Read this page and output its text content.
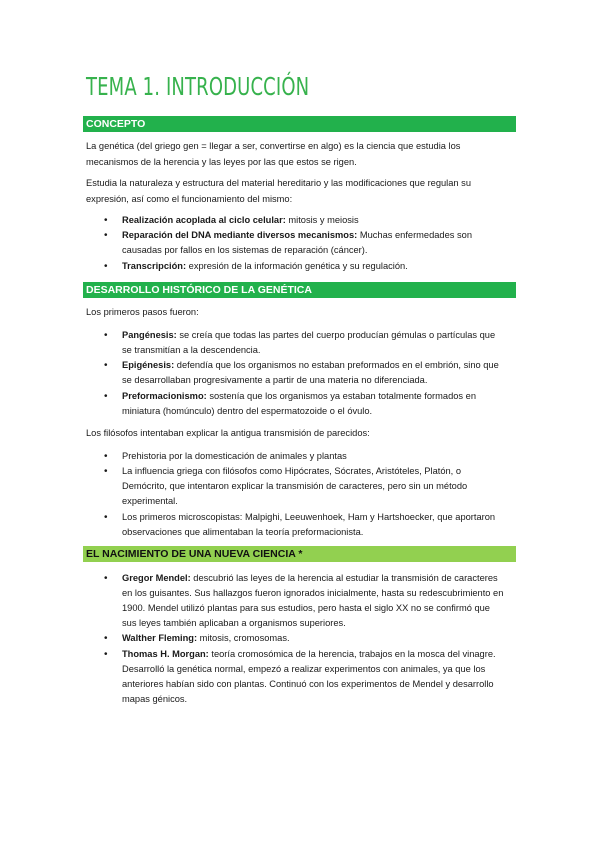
TEMA 1. INTRODUCCIÓN
CONCEPTO

La genética (del griego gen = llegar a ser, convertirse en algo) es la ciencia que estudia los mecanismos de la herencia y las leyes por las que estos se rigen.

Estudia la naturaleza y estructura del material hereditario y las modificaciones que regulan su expresión, así como el funcionamiento del mismo:

• Realización acoplada al ciclo celular: mitosis y meiosis
• Reparación del DNA mediante diversos mecanismos: Muchas enfermedades son causadas por fallos en los sistemas de reparación (cáncer).
• Transcripción: expresión de la información genética y su regulación.
DESARROLLO HISTÓRICO DE LA GENÉTICA

Los primeros pasos fueron:

• Pangénesis: se creía que todas las partes del cuerpo producían gémulas o partículas que se transmitían a la descendencia.
• Epigénesis: defendía que los organismos no estaban preformados en el embrión, sino que se desarrollaban progresivamente a partir de una materia no diferenciada.
• Preformacionismo: sostenía que los organismos ya estaban totalmente formados en miniatura (homúnculo) dentro del espermatozoide o el óvulo.

Los filósofos intentaban explicar la antigua transmisión de parecidos:

• Prehistoria por la domesticación de animales y plantas
• La influencia griega con filósofos como Hipócrates, Sócrates, Aristóteles, Platón, o Demócrito, que intentaron explicar la transmisión de caracteres, pero sin un método experimental.
• Los primeros microscopistas: Malpighi, Leeuwenhoek, Ham y Hartshoecker, que aportaron observaciones que alimentaban la teoría preformacionista.
EL NACIMIENTO DE UNA NUEVA CIENCIA *
• Gregor Mendel: descubrió las leyes de la herencia al estudiar la transmisión de caracteres en los guisantes. Sus hallazgos fueron ignorados inicialmente, hasta su redescubrimiento en 1900. Mendel utilizó plantas para sus estudios, pero hasta el siglo XX no se confirmó que sus leyes también aplicaban a organismos superiores.
• Walther Fleming: mitosis, cromosomas.
• Thomas H. Morgan: teoría cromosómica de la herencia, trabajos en la mosca del vinagre. Desarrolló la genética normal, empezó a realizar experimentos con animales, ya que los anteriores habían sido con plantas. Continuó con los experimentos de Mendel y desarrollo mapas génicos.
